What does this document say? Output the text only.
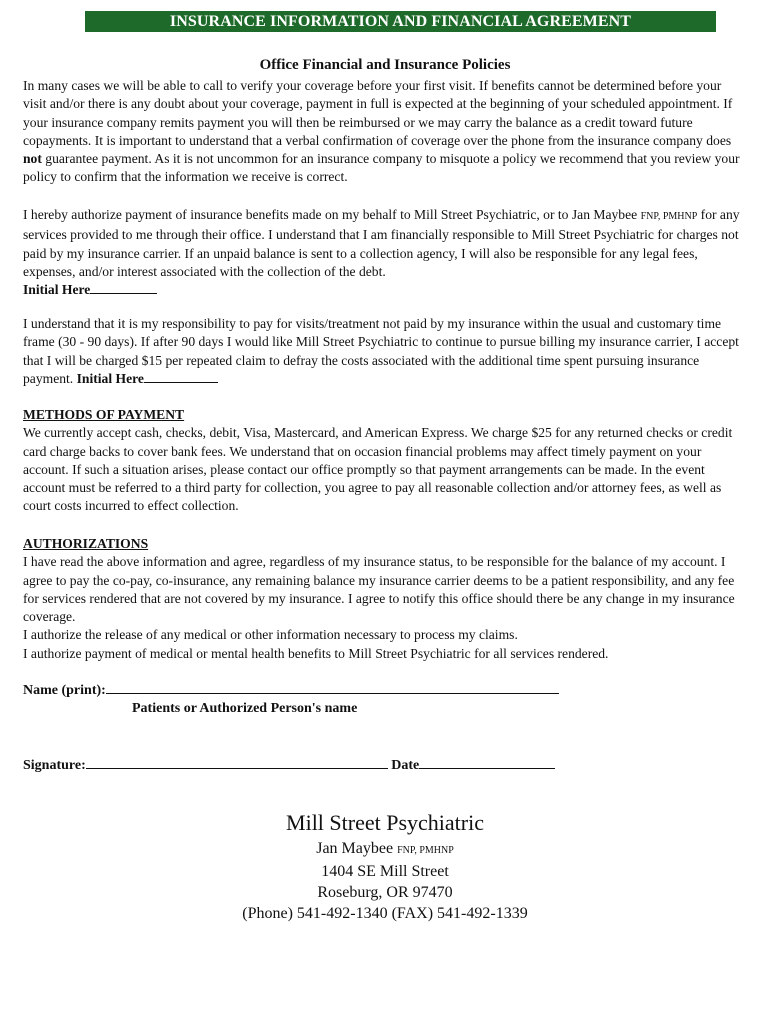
INSURANCE INFORMATION AND FINANCIAL AGREEMENT
Office Financial and Insurance Policies

In many cases we will be able to call to verify your coverage before your first visit. If benefits cannot be determined before your visit and/or there is any doubt about your coverage, payment in full is expected at the beginning of your scheduled appointment. If your insurance company remits payment you will then be reimbursed or we may carry the balance as a credit toward future copayments. It is important to understand that a verbal confirmation of coverage over the phone from the insurance company does not guarantee payment. As it is not uncommon for an insurance company to misquote a policy we recommend that you review your policy to confirm that the information we receive is correct.

I hereby authorize payment of insurance benefits made on my behalf to Mill Street Psychiatric, or to Jan Maybee FNP, PMHNP for any services provided to me through their office. I understand that I am financially responsible to Mill Street Psychiatric for charges not paid by my insurance carrier. If an unpaid balance is sent to a collection agency, I will also be responsible for any legal fees, expenses, and/or interest associated with the collection of the debt.

Initial Here

I understand that it is my responsibility to pay for visits/treatment not paid by my insurance within the usual and customary time frame (30 - 90 days). If after 90 days I would like Mill Street Psychiatric to continue to pursue billing my insurance carrier, I accept that I will be charged $15 per repeated claim to defray the costs associated with the additional time spent pursuing insurance payment. Initial Here

METHODS OF PAYMENT

We currently accept cash, checks, debit, Visa, Mastercard, and American Express. We charge $25 for any returned checks or credit card charge backs to cover bank fees. We understand that on occasion financial problems may affect timely payment on your account. If such a situation arises, please contact our office promptly so that payment arrangements can be made. In the event account must be referred to a third party for collection, you agree to pay all reasonable collection and/or attorney fees, as well as court costs incurred to effect collection.

AUTHORIZATIONS

I have read the above information and agree, regardless of my insurance status, to be responsible for the balance of my account. I agree to pay the co-pay, co-insurance, any remaining balance my insurance carrier deems to be a patient responsibility, and any fee for services rendered that are not covered by my insurance. I agree to notify this office should there be any change in my insurance coverage.

I authorize the release of any medical or other information necessary to process my claims.

I authorize payment of medical or mental health benefits to Mill Street Psychiatric for all services rendered.

Name (print):
Patients or Authorized Person's name
Signature:	Date
Mill Street Psychiatric
Jan Maybee FNP, PMHNP
1404 SE Mill Street
Roseburg, OR 97470
(Phone) 541-492-1340 (FAX) 541-492-1339
